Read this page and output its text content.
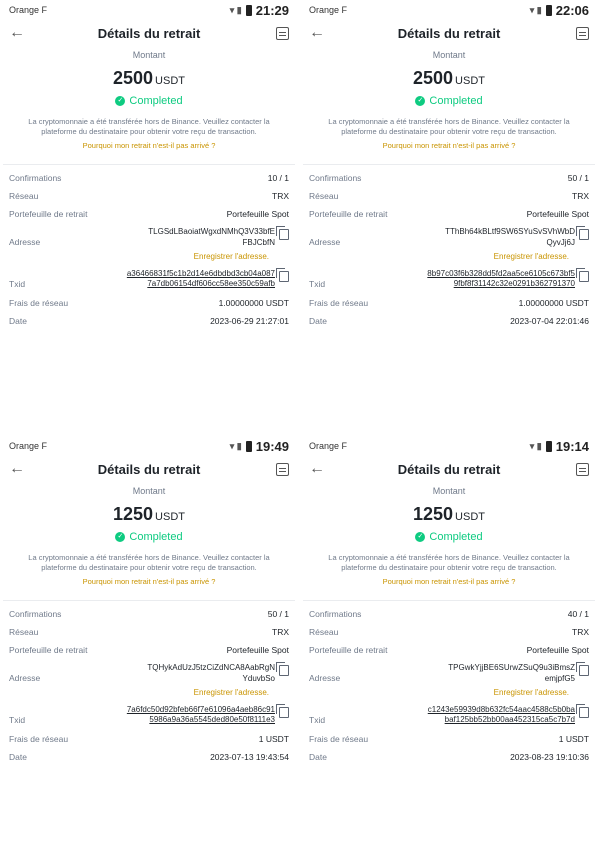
Orange F	▾ ▮ 21:29
←	Détails du retrait
Montant
2500 USDT
✓ Completed
La cryptomonnaie a été transférée hors de Binance. Veuillez contacter la plateforme du destinataire pour obtenir votre reçu de transaction.
Pourquoi mon retrait n'est-il pas arrivé ?
Confirmations	10 / 1
Réseau	TRX
Portefeuille de retrait	Portefeuille Spot
Adresse
TLGSdLBaoiatWgxdNMhQ3V33bfEFBJCbfN
Enregistrer l'adresse.
Txid
a36466831f5c1b2d14e6dbdbd3cb04a0877a7db06154df606cc58ee350c59afb
Frais de réseau	1.00000000 USDT
Date	2023-06-29 21:27:01
Orange F	▾ ▮ 22:06
←	Détails du retrait
Montant
2500 USDT
✓ Completed
La cryptomonnaie a été transférée hors de Binance. Veuillez contacter la plateforme du destinataire pour obtenir votre reçu de transaction.
Pourquoi mon retrait n'est-il pas arrivé ?
Confirmations	50 / 1
Réseau	TRX
Portefeuille de retrait	Portefeuille Spot
Adresse
TThBh64kBLtf9SW6SYuSvSVhWbDQyvJj6J
Enregistrer l'adresse.
Txid
8b97c03f6b328dd5fd2aa5ce6105c673bf59fbf8f31142c32e0291b362791370
Frais de réseau	1.00000000 USDT
Date	2023-07-04 22:01:46
Orange F	▾ ▮ 19:49
←	Détails du retrait
Montant
1250 USDT
✓ Completed
La cryptomonnaie a été transférée hors de Binance. Veuillez contacter la plateforme du destinataire pour obtenir votre reçu de transaction.
Pourquoi mon retrait n'est-il pas arrivé ?
Confirmations	50 / 1
Réseau	TRX
Portefeuille de retrait	Portefeuille Spot
Adresse
TQHykAdUzJ5tzCiZdNCA8AabRgNYduvbSo
Enregistrer l'adresse.
Txid
7a6fdc50d92bfeb66f7e61096a4aeb86c915986a9a36a5545ded80e50f8111e3
Frais de réseau	1 USDT
Date	2023-07-13 19:43:54
Orange F	▾ ▮ 19:14
←	Détails du retrait
Montant
1250 USDT
✓ Completed
La cryptomonnaie a été transférée hors de Binance. Veuillez contacter la plateforme du destinataire pour obtenir votre reçu de transaction.
Pourquoi mon retrait n'est-il pas arrivé ?
Confirmations	40 / 1
Réseau	TRX
Portefeuille de retrait	Portefeuille Spot
Adresse
TPGwkYjjBE6SUrwZSuQ9u3iBmsZemjpfG5
Enregistrer l'adresse.
Txid
c1243e59939d8b632fc54aac4588c5b0babaf125bb52bb00aa452315ca5c7b7d
Frais de réseau	1 USDT
Date	2023-08-23 19:10:36
